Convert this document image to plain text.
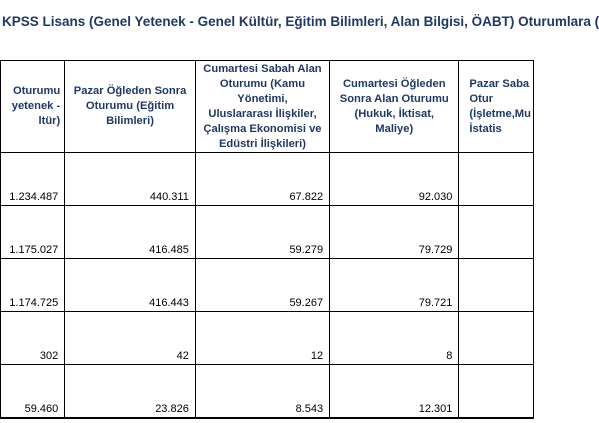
KPSS Lisans (Genel Yetenek - Genel Kültür, Eğitim Bilimleri, Alan Bilgisi, ÖABT) Oturumlara (
Oturumu
yetenek -
ltür)	Pazar Öğleden Sonra
Oturumu (Eğitim
Bilimleri)	Cumartesi Sabah Alan
Oturumu (Kamu Yönetimi,
Uluslararası İlişkiler,
Çalışma Ekonomisi ve
Edüstri İlişkileri)	Cumartesi Öğleden
Sonra Alan Oturumu
(Hukuk, İktisat,
Maliye)	Pazar Saba
Otur
(İşletme,Mu
İstatis

1.234.487	440.311	67.822	92.030	
1.175.027	416.485	59.279	79.729	
1.174.725	416.443	59.267	79.721	
302	42	12	8	
59.460	23.826	8.543	12.301	
